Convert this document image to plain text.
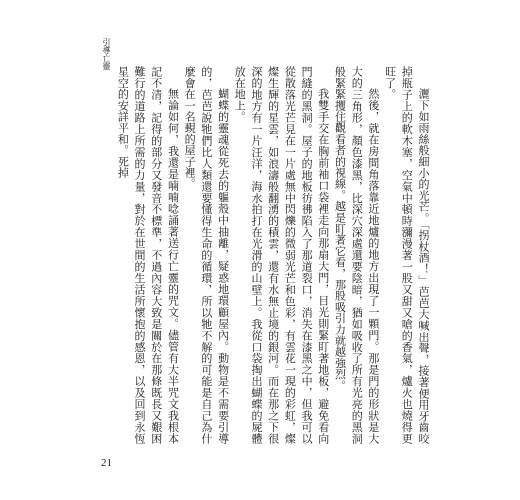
引導亡靈

灑下如雨絲般細小的光芒。「拐杖酒！」芭芭大喊出聲，接著便用牙齒咬掉瓶子上的軟木塞，空氣中頓時瀰漫著一股又甜又嗆的香氣，爐火也燒得更旺了。

然後，就在房間角落靠近地爐的地方出現了一顆門。那是門的形狀是大大的三角形，顏色漆黑，比深穴深處還要陰暗，猶如吸收了所有光亮的黑洞般緊緊攫住觀看者的視線。越是盯著它看，那股吸引力就越強烈。

我雙手交在胸前袖口袋裡走向那扇大門，目光則緊盯著地板，避免看向門縫的黑洞。屋子的地板彷彿陷入了那道裂口，消失在漆黑之中，但我可以從散落光芒見在一片處無中閃爍的微弱光芒和色彩，有雲花一現的彩虹，燦燦生輝的星雲，如浪濤般翻湧的積雲，還有水無止境的銀河。而在那之下很深的地方有一片汪洋，海水拍打在光滑的山壁上。我從口袋掏出蝴蝶的屍體放在地上。

蝴蝶的靈魂從死去的軀殼中抽離，疑惑地環顧屋內。動物是不需要引導的，芭芭說牠們比人類還要懂得生命的循環，所以牠不解的可能是自己為什麼會在一名覡的屋子裡。

無論如何，我還是喃喃唸誦著送行亡靈的咒文。儘管有大半咒文我根本記不清，記得的部分又發音不標準，不過內容大致是關於在那條既長又艱困難行的道路上所需的力量，對於在世間的生活所懷抱的感恩，以及回到永恆星空的安詳平和。死掉

21
